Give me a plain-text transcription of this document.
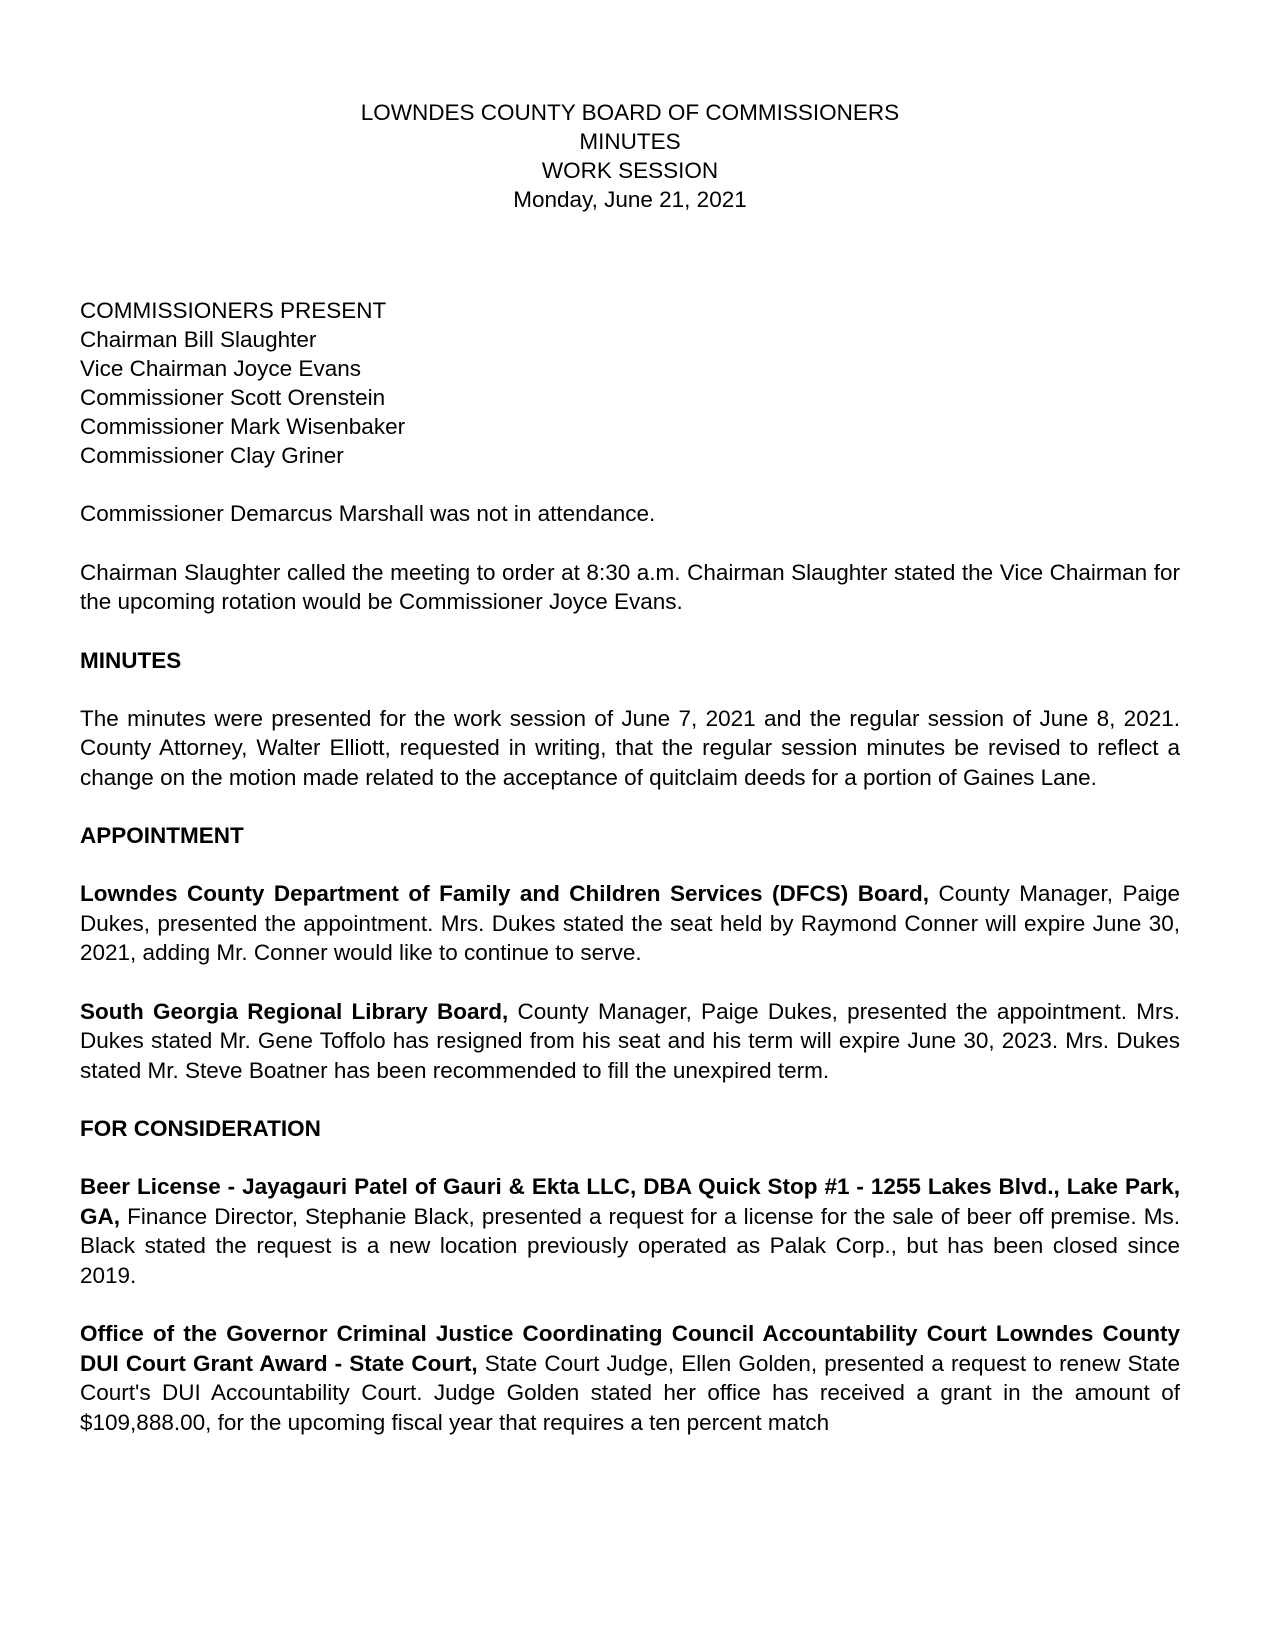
LOWNDES COUNTY BOARD OF COMMISSIONERS
MINUTES
WORK SESSION
Monday, June 21, 2021
COMMISSIONERS PRESENT
Chairman Bill Slaughter
Vice Chairman Joyce Evans
Commissioner Scott Orenstein
Commissioner Mark Wisenbaker
Commissioner Clay Griner

Commissioner Demarcus Marshall was not in attendance.

Chairman Slaughter called the meeting to order at 8:30 a.m. Chairman Slaughter stated the Vice Chairman for the upcoming rotation would be Commissioner Joyce Evans.

MINUTES

The minutes were presented for the work session of June 7, 2021 and the regular session of June 8, 2021. County Attorney, Walter Elliott, requested in writing, that the regular session minutes be revised to reflect a change on the motion made related to the acceptance of quitclaim deeds for a portion of Gaines Lane.

APPOINTMENT

Lowndes County Department of Family and Children Services (DFCS) Board, County Manager, Paige Dukes, presented the appointment. Mrs. Dukes stated the seat held by Raymond Conner will expire June 30, 2021, adding Mr. Conner would like to continue to serve.

South Georgia Regional Library Board, County Manager, Paige Dukes, presented the appointment. Mrs. Dukes stated Mr. Gene Toffolo has resigned from his seat and his term will expire June 30, 2023. Mrs. Dukes stated Mr. Steve Boatner has been recommended to fill the unexpired term.

FOR CONSIDERATION

Beer License - Jayagauri Patel of Gauri & Ekta LLC, DBA Quick Stop #1 - 1255 Lakes Blvd., Lake Park, GA, Finance Director, Stephanie Black, presented a request for a license for the sale of beer off premise. Ms. Black stated the request is a new location previously operated as Palak Corp., but has been closed since 2019.

Office of the Governor Criminal Justice Coordinating Council Accountability Court Lowndes County DUI Court Grant Award - State Court, State Court Judge, Ellen Golden, presented a request to renew State Court's DUI Accountability Court. Judge Golden stated her office has received a grant in the amount of $109,888.00, for the upcoming fiscal year that requires a ten percent match
